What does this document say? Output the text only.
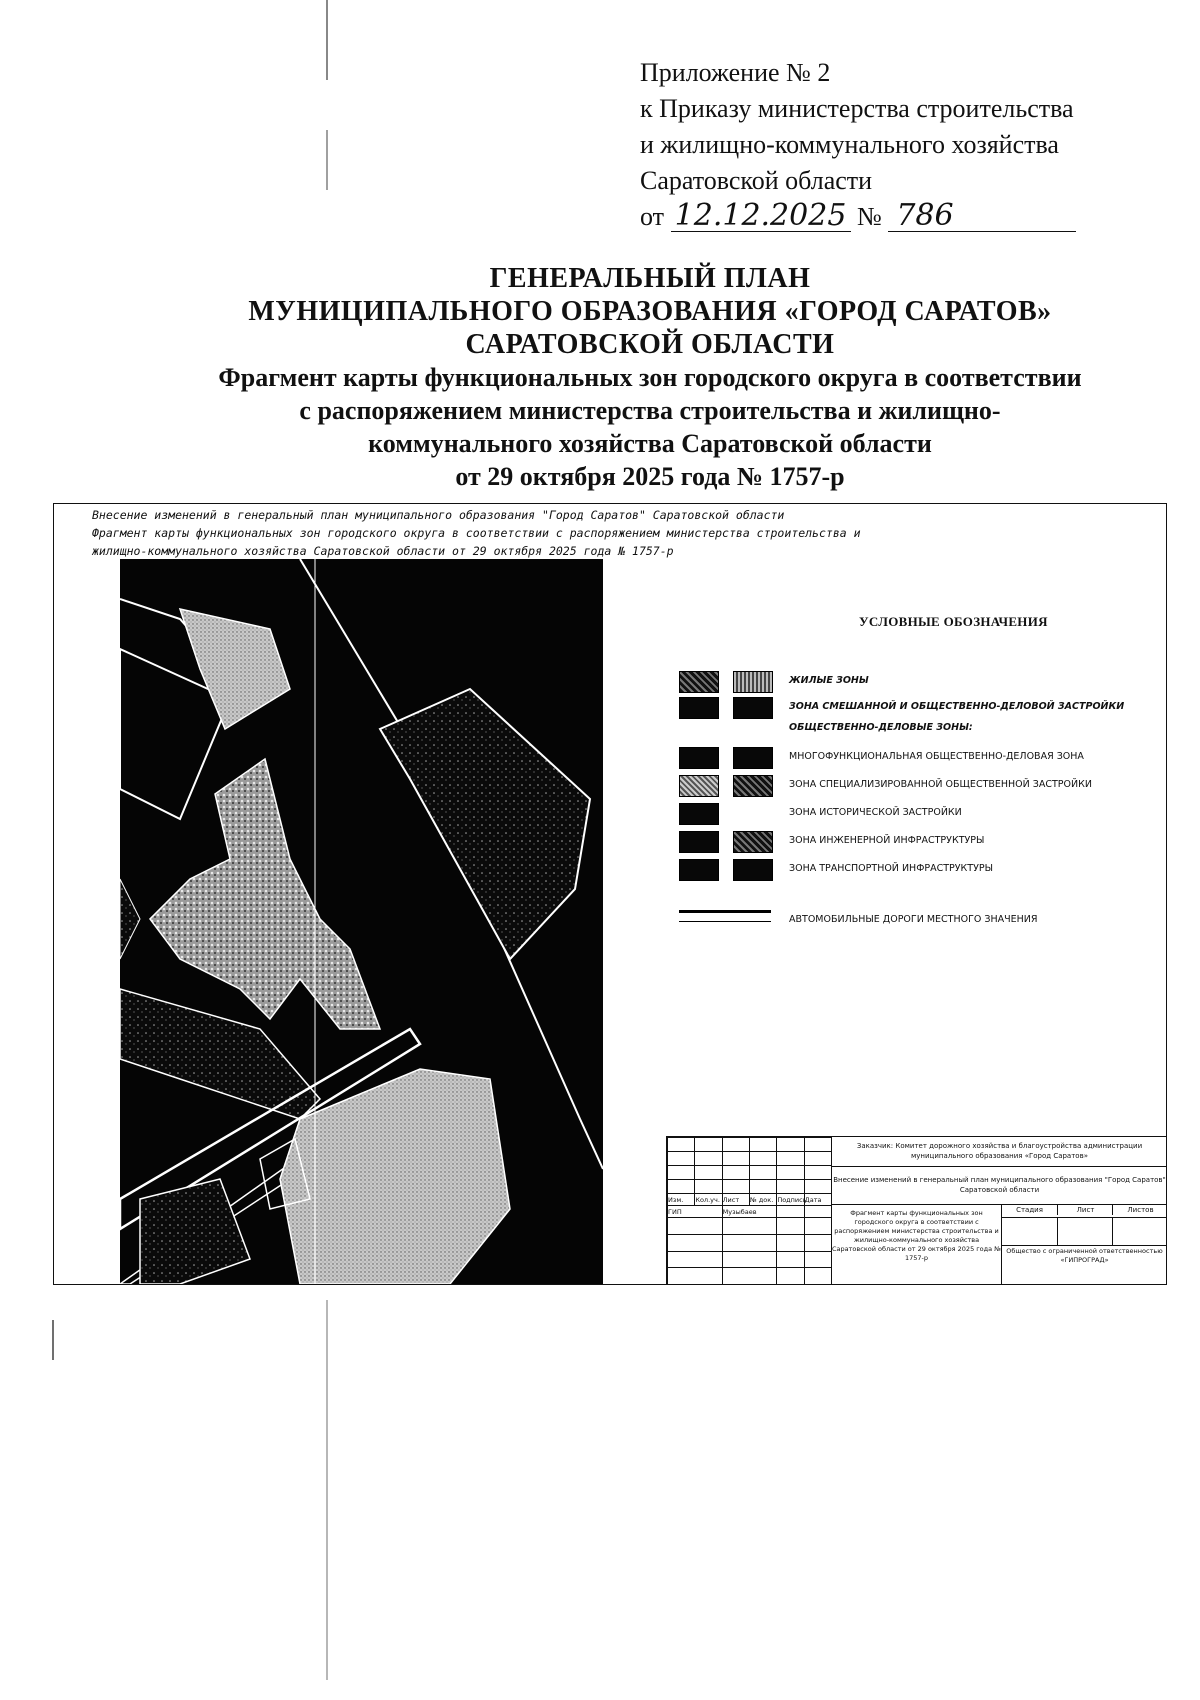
Приложение № 2
к Приказу министерства строительства
и жилищно-коммунального хозяйства
Саратовской области
от 12.12.2025 № 786
ГЕНЕРАЛЬНЫЙ ПЛАН
МУНИЦИПАЛЬНОГО ОБРАЗОВАНИЯ «ГОРОД САРАТОВ»
САРАТОВСКОЙ ОБЛАСТИ
Фрагмент карты функциональных зон городского округа в соответствии
с распоряжением министерства строительства и жилищно-
коммунального хозяйства Саратовской области
от 29 октября 2025 года № 1757-р
Внесение изменений в генеральный план муниципального образования "Город Саратов" Саратовской области
Фрагмент карты функциональных зон городского округа в соответствии с распоряжением министерства строительства и
жилищно-коммунального хозяйства Саратовской области от 29 октября 2025 года № 1757-р
УСЛОВНЫЕ ОБОЗНАЧЕНИЯ
ЖИЛЫЕ ЗОНЫ
ЗОНА СМЕШАННОЙ И ОБЩЕСТВЕННО-ДЕЛОВОЙ ЗАСТРОЙКИ
ОБЩЕСТВЕННО-ДЕЛОВЫЕ ЗОНЫ:
МНОГОФУНКЦИОНАЛЬНАЯ ОБЩЕСТВЕННО-ДЕЛОВАЯ ЗОНА
ЗОНА СПЕЦИАЛИЗИРОВАННОЙ ОБЩЕСТВЕННОЙ ЗАСТРОЙКИ
ЗОНА ИСТОРИЧЕСКОЙ ЗАСТРОЙКИ
ЗОНА ИНЖЕНЕРНОЙ ИНФРАСТРУКТУРЫ
ЗОНА ТРАНСПОРТНОЙ ИНФРАСТРУКТУРЫ
АВТОМОБИЛЬНЫЕ ДОРОГИ МЕСТНОГО ЗНАЧЕНИЯ

Изм.	Кол.уч.	Лист	№ док.	Подпись	Дата
ГИП		Музыбаев			

Заказчик: Комитет дорожного хозяйства и благоустройства администрации муниципального образования «Город Саратов»
Внесение изменений в генеральный план муниципального образования "Город Саратов" Саратовской области
Фрагмент карты функциональных зон городского округа в соответствии с распоряжением министерства строительства и жилищно-коммунального хозяйства Саратовской области от 29 октября 2025 года № 1757-р
Стадия	Лист	Листов
Общество с ограниченной ответственностью «ГИПРОГРАД»
